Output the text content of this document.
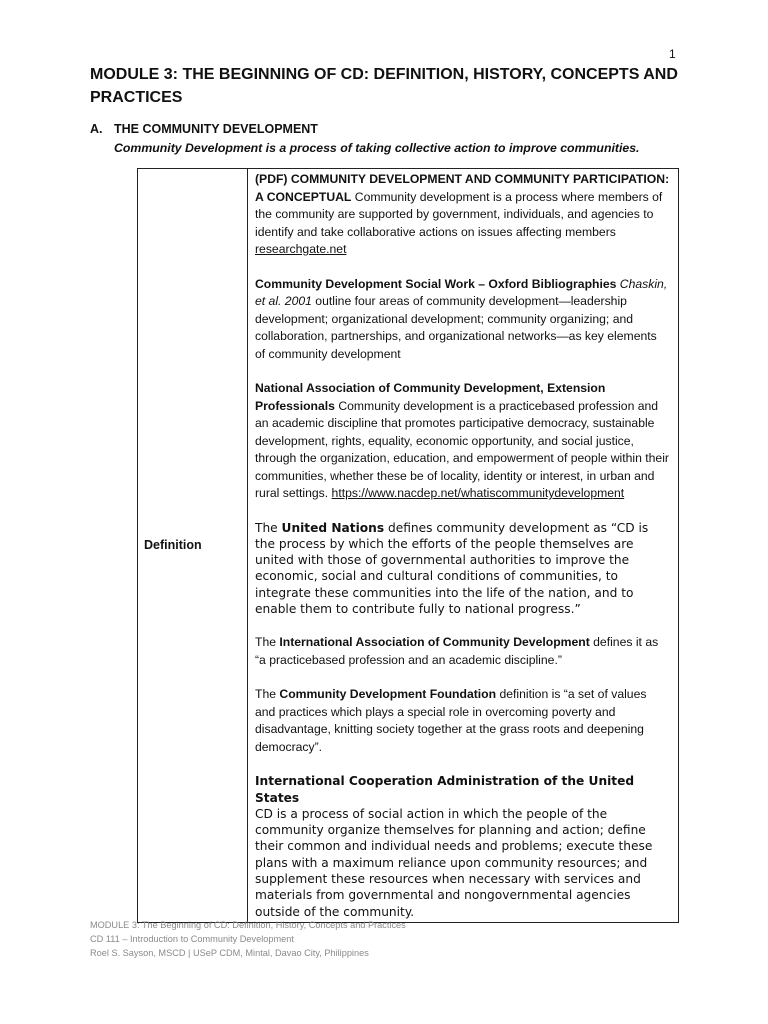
1
MODULE 3: THE BEGINNING OF CD: DEFINITION, HISTORY, CONCEPTS AND PRACTICES
A. THE COMMUNITY DEVELOPMENT
Community Development is a process of taking collective action to improve communities.
Definition	
(PDF) COMMUNITY DEVELOPMENT AND COMMUNITY PARTICIPATION: A CONCEPTUAL Community development is a process where members of the community are supported by government, individuals, and agencies to identify and take collaborative actions on issues affecting members researchgate.net
Community Development Social Work – Oxford Bibliographies Chaskin, et al. 2001 outline four areas of community development—leadership development; organizational development; community organizing; and collaboration, partnerships, and organizational networks—as key elements of community development
National Association of Community Development, Extension Professionals Community development is a practicebased profession and an academic discipline that promotes participative democracy, sustainable development, rights, equality, economic opportunity, and social justice, through the organization, education, and empowerment of people within their communities, whether these be of locality, identity or interest, in urban and rural settings. https://www.nacdep.net/whatiscommunitydevelopment
The United Nations defines community development as “CD is the process by which the efforts of the people themselves are united with those of governmental authorities to improve the economic, social and cultural conditions of communities, to integrate these communities into the life of the nation, and to enable them to contribute fully to national progress.”
The International Association of Community Development defines it as “a practicebased profession and an academic discipline.”
The Community Development Foundation definition is “a set of values and practices which plays a special role in overcoming poverty and disadvantage, knitting society together at the grass roots and deepening democracy”.
International Cooperation Administration of the United States
CD is a process of social action in which the people of the community organize themselves for planning and action; define their common and individual needs and problems; execute these plans with a maximum reliance upon community resources; and supplement these resources when necessary with services and materials from governmental and nongovernmental agencies outside of the community.
MODULE 3: The Beginning of CD: Definition, History, Concepts and Practices
CD 111 – Introduction to Community Development
Roel S. Sayson, MSCD | USeP CDM, Mintal, Davao City, Philippines
